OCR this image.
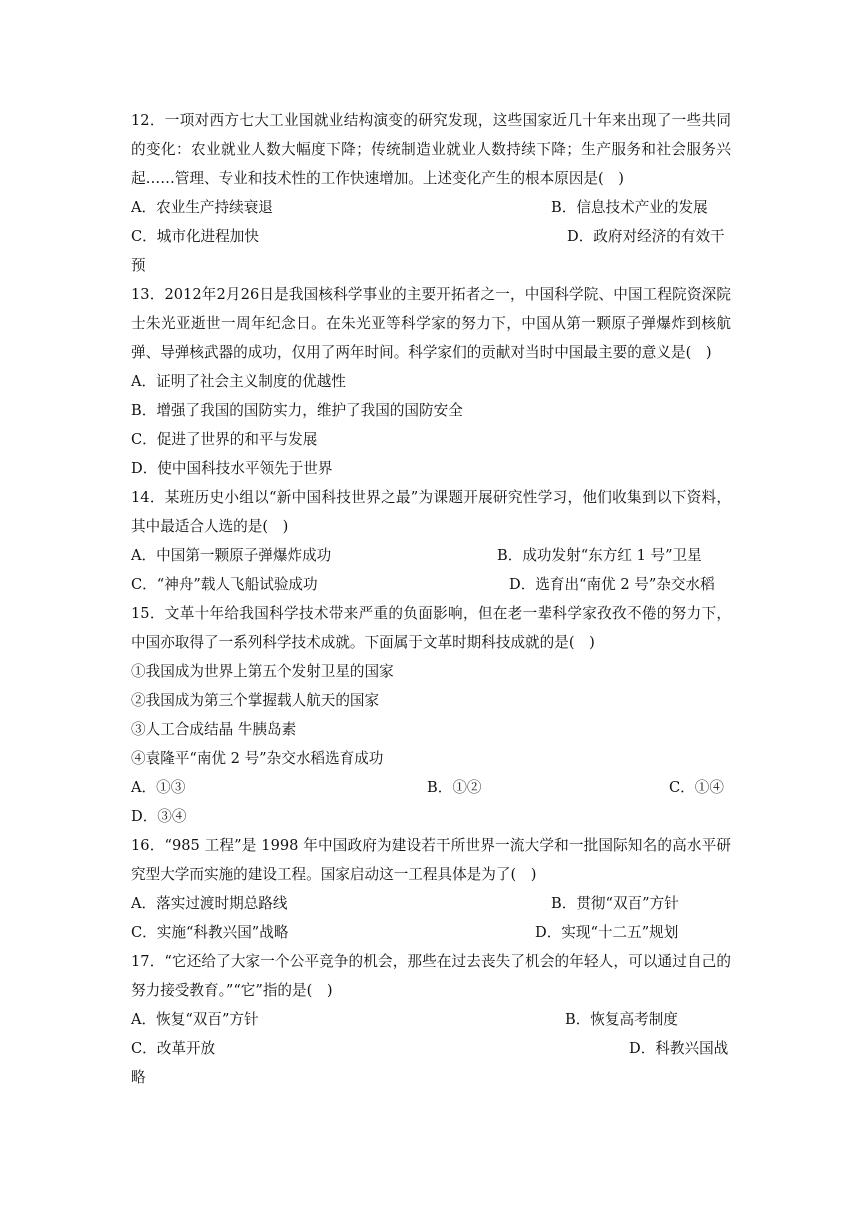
12．一项对西方七大工业国就业结构演变的研究发现，这些国家近几十年来出现了一些共同的变化：农业就业人数大幅度下降；传统制造业就业人数持续下降；生产服务和社会服务兴起……管理、专业和技术性的工作快速增加。上述变化产生的根本原因是(　)
A．农业生产持续衰退	B．信息技术产业的发展
C．城市化进程加快	D．政府对经济的有效干
预
13．2012年2月26日是我国核科学事业的主要开拓者之一，中国科学院、中国工程院资深院士朱光亚逝世一周年纪念日。在朱光亚等科学家的努力下，中国从第一颗原子弹爆炸到核航弹、导弹核武器的成功，仅用了两年时间。科学家们的贡献对当时中国最主要的意义是(　)
A．证明了社会主义制度的优越性
B．增强了我国的国防实力，维护了我国的国防安全
C．促进了世界的和平与发展
D．使中国科技水平领先于世界
14．某班历史小组以“新中国科技世界之最”为课题开展研究性学习，他们收集到以下资料，其中最适合人选的是(　)
A．中国第一颗原子弹爆炸成功	B．成功发射“东方红 1 号”卫星
C．“神舟”载人飞船试验成功	D．选育出“南优 2 号”杂交水稻
15．文革十年给我国科学技术带来严重的负面影响，但在老一辈科学家孜孜不倦的努力下，中国亦取得了一系列科学技术成就。下面属于文革时期科技成就的是(　)
①我国成为世界上第五个发射卫星的国家
②我国成为第三个掌握载人航天的国家
③人工合成结晶 牛胰岛素
④袁隆平“南优 2 号”杂交水稻选育成功
A．①③	B．①②	C．①④
D．③④
16．“985 工程”是 1998 年中国政府为建设若干所世界一流大学和一批国际知名的高水平研究型大学而实施的建设工程。国家启动这一工程具体是为了(　)
A．落实过渡时期总路线	B．贯彻“双百”方针
C．实施“科教兴国”战略	D．实现“十二五”规划
17．“它还给了大家一个公平竞争的机会，那些在过去丧失了机会的年轻人，可以通过自己的努力接受教育。”“它”指的是(　)
A．恢复“双百”方针	B．恢复高考制度
C．改革开放	D．科教兴国战
略
